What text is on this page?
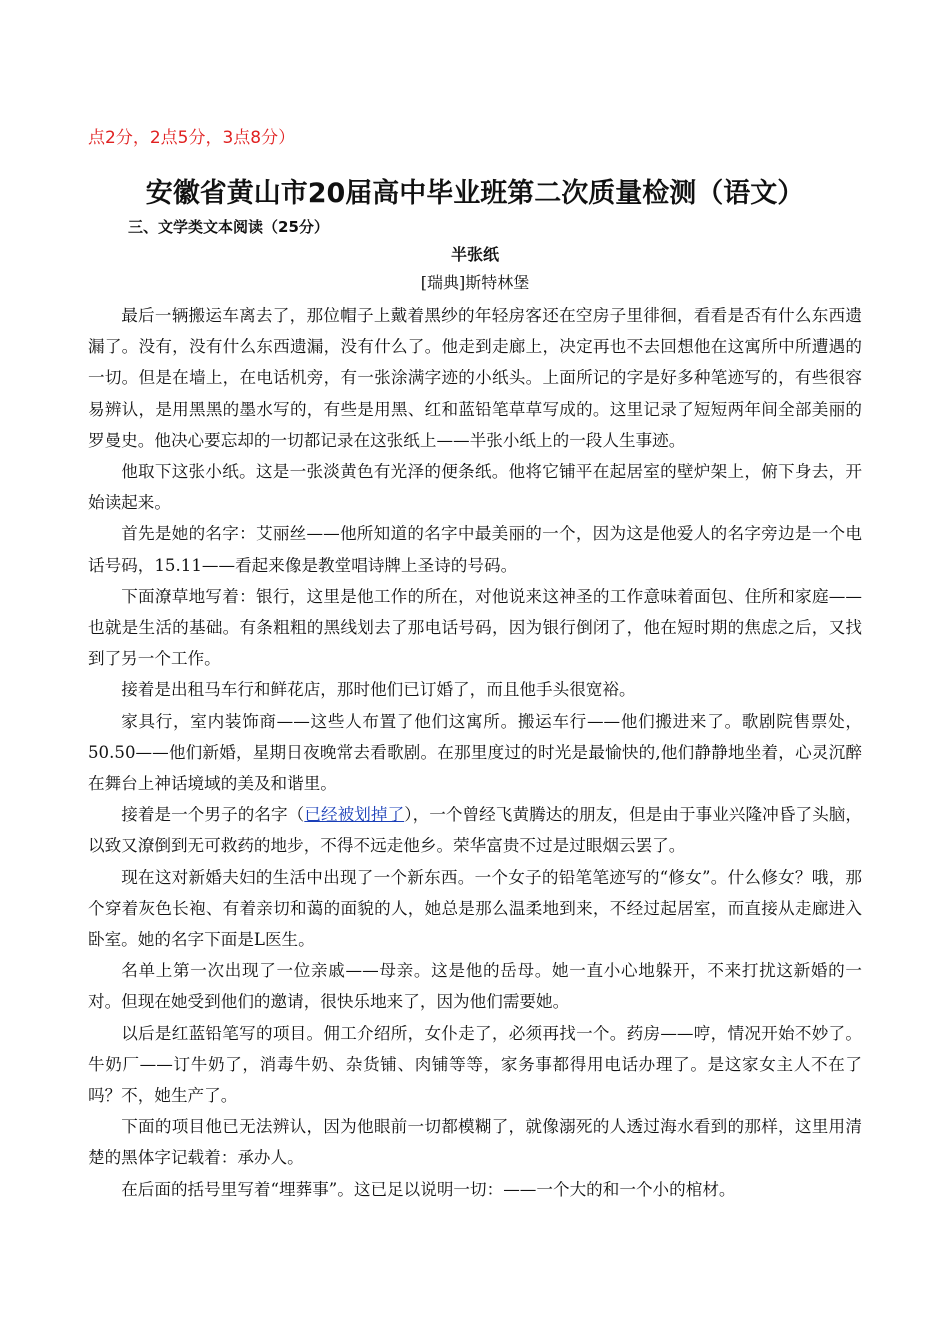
点2分，2点5分，3点8分）
安徽省黄山市20届高中毕业班第二次质量检测（语文）
三、文学类文本阅读（25分）
半张纸
[瑞典]斯特林堡

最后一辆搬运车离去了，那位帽子上戴着黑纱的年轻房客还在空房子里徘徊，看看是否有什么东西遗漏了。没有，没有什么东西遗漏，没有什么了。他走到走廊上，决定再也不去回想他在这寓所中所遭遇的一切。但是在墙上，在电话机旁，有一张涂满字迹的小纸头。上面所记的字是好多种笔迹写的，有些很容易辨认，是用黑黑的墨水写的，有些是用黑、红和蓝铅笔草草写成的。这里记录了短短两年间全部美丽的罗曼史。他决心要忘却的一切都记录在这张纸上——半张小纸上的一段人生事迹。

他取下这张小纸。这是一张淡黄色有光泽的便条纸。他将它铺平在起居室的壁炉架上，俯下身去，开始读起来。

首先是她的名字：艾丽丝——他所知道的名字中最美丽的一个，因为这是他爱人的名字旁边是一个电话号码，15.11——看起来像是教堂唱诗牌上圣诗的号码。

下面潦草地写着：银行，这里是他工作的所在，对他说来这神圣的工作意味着面包、住所和家庭——也就是生活的基础。有条粗粗的黑线划去了那电话号码，因为银行倒闭了，他在短时期的焦虑之后，又找到了另一个工作。

接着是出租马车行和鲜花店，那时他们已订婚了，而且他手头很宽裕。

家具行，室内装饰商——这些人布置了他们这寓所。搬运车行——他们搬进来了。歌剧院售票处，50.50——他们新婚，星期日夜晚常去看歌剧。在那里度过的时光是最愉快的,他们静静地坐着，心灵沉醉在舞台上神话境域的美及和谐里。

接着是一个男子的名字（已经被划掉了），一个曾经飞黄腾达的朋友，但是由于事业兴隆冲昏了头脑，以致又潦倒到无可救药的地步，不得不远走他乡。荣华富贵不过是过眼烟云罢了。

现在这对新婚夫妇的生活中出现了一个新东西。一个女子的铅笔笔迹写的“修女”。什么修女？哦，那个穿着灰色长袍、有着亲切和蔼的面貌的人，她总是那么温柔地到来，不经过起居室，而直接从走廊进入卧室。她的名字下面是L医生。

名单上第一次出现了一位亲戚——母亲。这是他的岳母。她一直小心地躲开，不来打扰这新婚的一对。但现在她受到他们的邀请，很快乐地来了，因为他们需要她。

以后是红蓝铅笔写的项目。佣工介绍所，女仆走了，必须再找一个。药房——哼，情况开始不妙了。牛奶厂——订牛奶了，消毒牛奶、杂货铺、肉铺等等，家务事都得用电话办理了。是这家女主人不在了吗？不，她生产了。

下面的项目他已无法辨认，因为他眼前一切都模糊了，就像溺死的人透过海水看到的那样，这里用清楚的黑体字记载着：承办人。

在后面的括号里写着“埋葬事”。这已足以说明一切：——一个大的和一个小的棺材。
